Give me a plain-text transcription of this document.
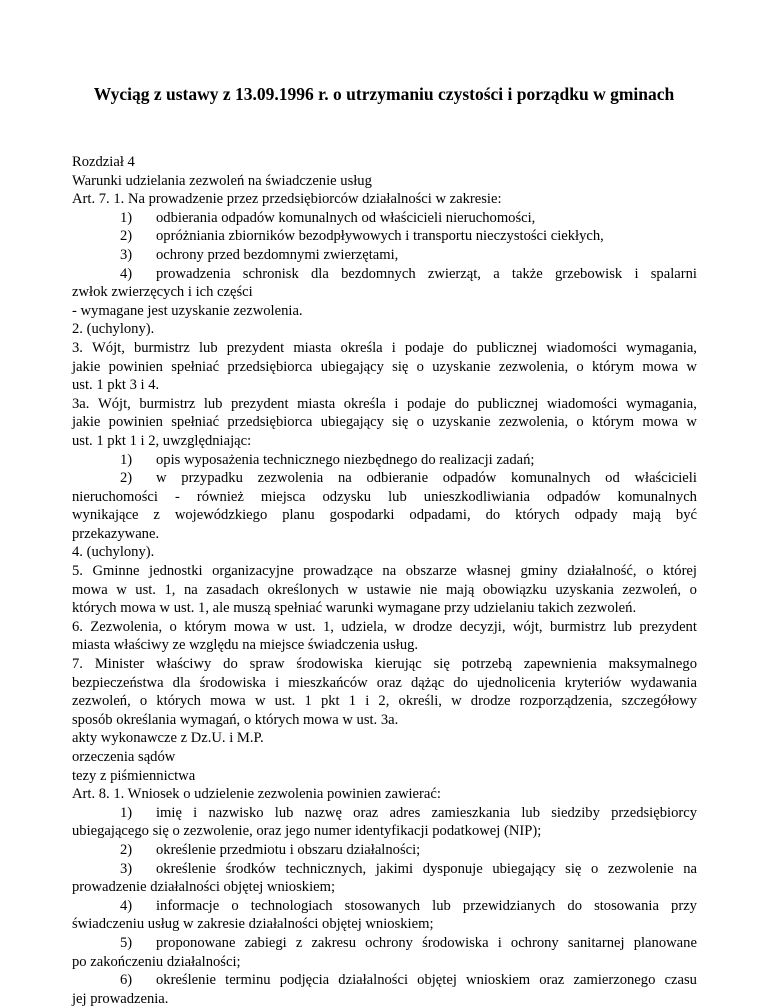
Wyciąg z ustawy z 13.09.1996 r. o utrzymaniu czystości i porządku w gminach
Rozdział 4
Warunki udzielania zezwoleń na świadczenie usług
Art. 7. 1. Na prowadzenie przez przedsiębiorców działalności w zakresie:
1)	odbierania odpadów komunalnych od właścicieli nieruchomości,
2)	opróżniania zbiorników bezodpływowych i transportu nieczystości ciekłych,
3)	ochrony przed bezdomnymi zwierzętami,
4)	prowadzenia schronisk dla bezdomnych zwierząt, a także grzebowisk i spalarni
zwłok zwierzęcych i ich części
- wymagane jest uzyskanie zezwolenia.
2. (uchylony).
3. Wójt, burmistrz lub prezydent miasta określa i podaje do publicznej wiadomości wymagania,
jakie powinien spełniać przedsiębiorca ubiegający się o uzyskanie zezwolenia, o którym mowa w
ust. 1 pkt 3 i 4.
3a. Wójt, burmistrz lub prezydent miasta określa i podaje do publicznej wiadomości wymagania,
jakie powinien spełniać przedsiębiorca ubiegający się o uzyskanie zezwolenia, o którym mowa w
ust. 1 pkt 1 i 2, uwzględniając:
1)	opis wyposażenia technicznego niezbędnego do realizacji zadań;
2)	w przypadku zezwolenia na odbieranie odpadów komunalnych od właścicieli
nieruchomości - również miejsca odzysku lub unieszkodliwiania odpadów komunalnych
wynikające z wojewódzkiego planu gospodarki odpadami, do których odpady mają być
przekazywane.
4. (uchylony).
5. Gminne jednostki organizacyjne prowadzące na obszarze własnej gminy działalność, o której
mowa w ust. 1, na zasadach określonych w ustawie nie mają obowiązku uzyskania zezwoleń, o
których mowa w ust. 1, ale muszą spełniać warunki wymagane przy udzielaniu takich zezwoleń.
6. Zezwolenia, o którym mowa w ust. 1, udziela, w drodze decyzji, wójt, burmistrz lub prezydent
miasta właściwy ze względu na miejsce świadczenia usług.
7. Minister właściwy do spraw środowiska kierując się potrzebą zapewnienia maksymalnego
bezpieczeństwa dla środowiska i mieszkańców oraz dążąc do ujednolicenia kryteriów wydawania
zezwoleń, o których mowa w ust. 1 pkt 1 i 2, określi, w drodze rozporządzenia, szczegółowy
sposób określania wymagań, o których mowa w ust. 3a.
akty wykonawcze z Dz.U. i M.P.
orzeczenia sądów
tezy z piśmiennictwa
Art. 8. 1. Wniosek o udzielenie zezwolenia powinien zawierać:
1)	imię i nazwisko lub nazwę oraz adres zamieszkania lub siedziby przedsiębiorcy
ubiegającego się o zezwolenie, oraz jego numer identyfikacji podatkowej (NIP);
2)	określenie przedmiotu i obszaru działalności;
3)	określenie środków technicznych, jakimi dysponuje ubiegający się o zezwolenie na
prowadzenie działalności objętej wnioskiem;
4)	informacje o technologiach stosowanych lub przewidzianych do stosowania przy
świadczeniu usług w zakresie działalności objętej wnioskiem;
5)	proponowane zabiegi z zakresu ochrony środowiska i ochrony sanitarnej planowane
po zakończeniu działalności;
6)	określenie terminu podjęcia działalności objętej wnioskiem oraz zamierzonego czasu
jej prowadzenia.
